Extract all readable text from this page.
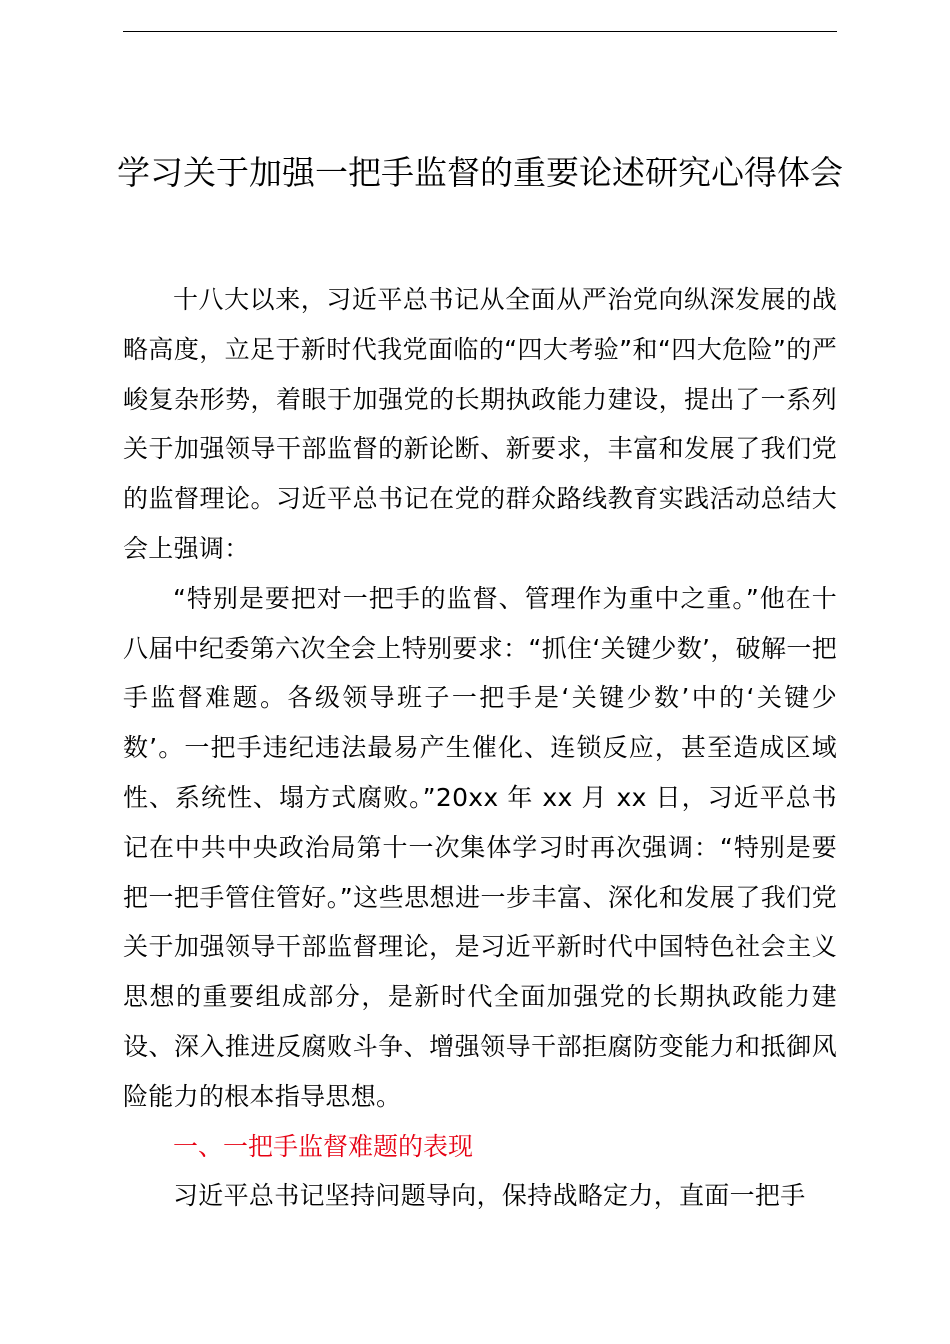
学习关于加强一把手监督的重要论述研究心得体会

十八大以来，习近平总书记从全面从严治党向纵深发展的战略高度，立足于新时代我党面临的“四大考验”和“四大危险”的严峻复杂形势，着眼于加强党的长期执政能力建设，提出了一系列关于加强领导干部监督的新论断、新要求，丰富和发展了我们党的监督理论。习近平总书记在党的群众路线教育实践活动总结大会上强调：

“特别是要把对一把手的监督、管理作为重中之重。”他在十八届中纪委第六次全会上特别要求：“抓住‘关键少数’，破解一把手监督难题。各级领导班子一把手是‘关键少数’中的‘关键少数’。一把手违纪违法最易产生催化、连锁反应，甚至造成区域性、系统性、塌方式腐败。”20xx 年 xx 月 xx 日，习近平总书记在中共中央政治局第十一次集体学习时再次强调：“特别是要把一把手管住管好。”这些思想进一步丰富、深化和发展了我们党关于加强领导干部监督理论，是习近平新时代中国特色社会主义思想的重要组成部分，是新时代全面加强党的长期执政能力建设、深入推进反腐败斗争、增强领导干部拒腐防变能力和抵御风险能力的根本指导思想。

一、一把手监督难题的表现

习近平总书记坚持问题导向，保持战略定力，直面一把手
